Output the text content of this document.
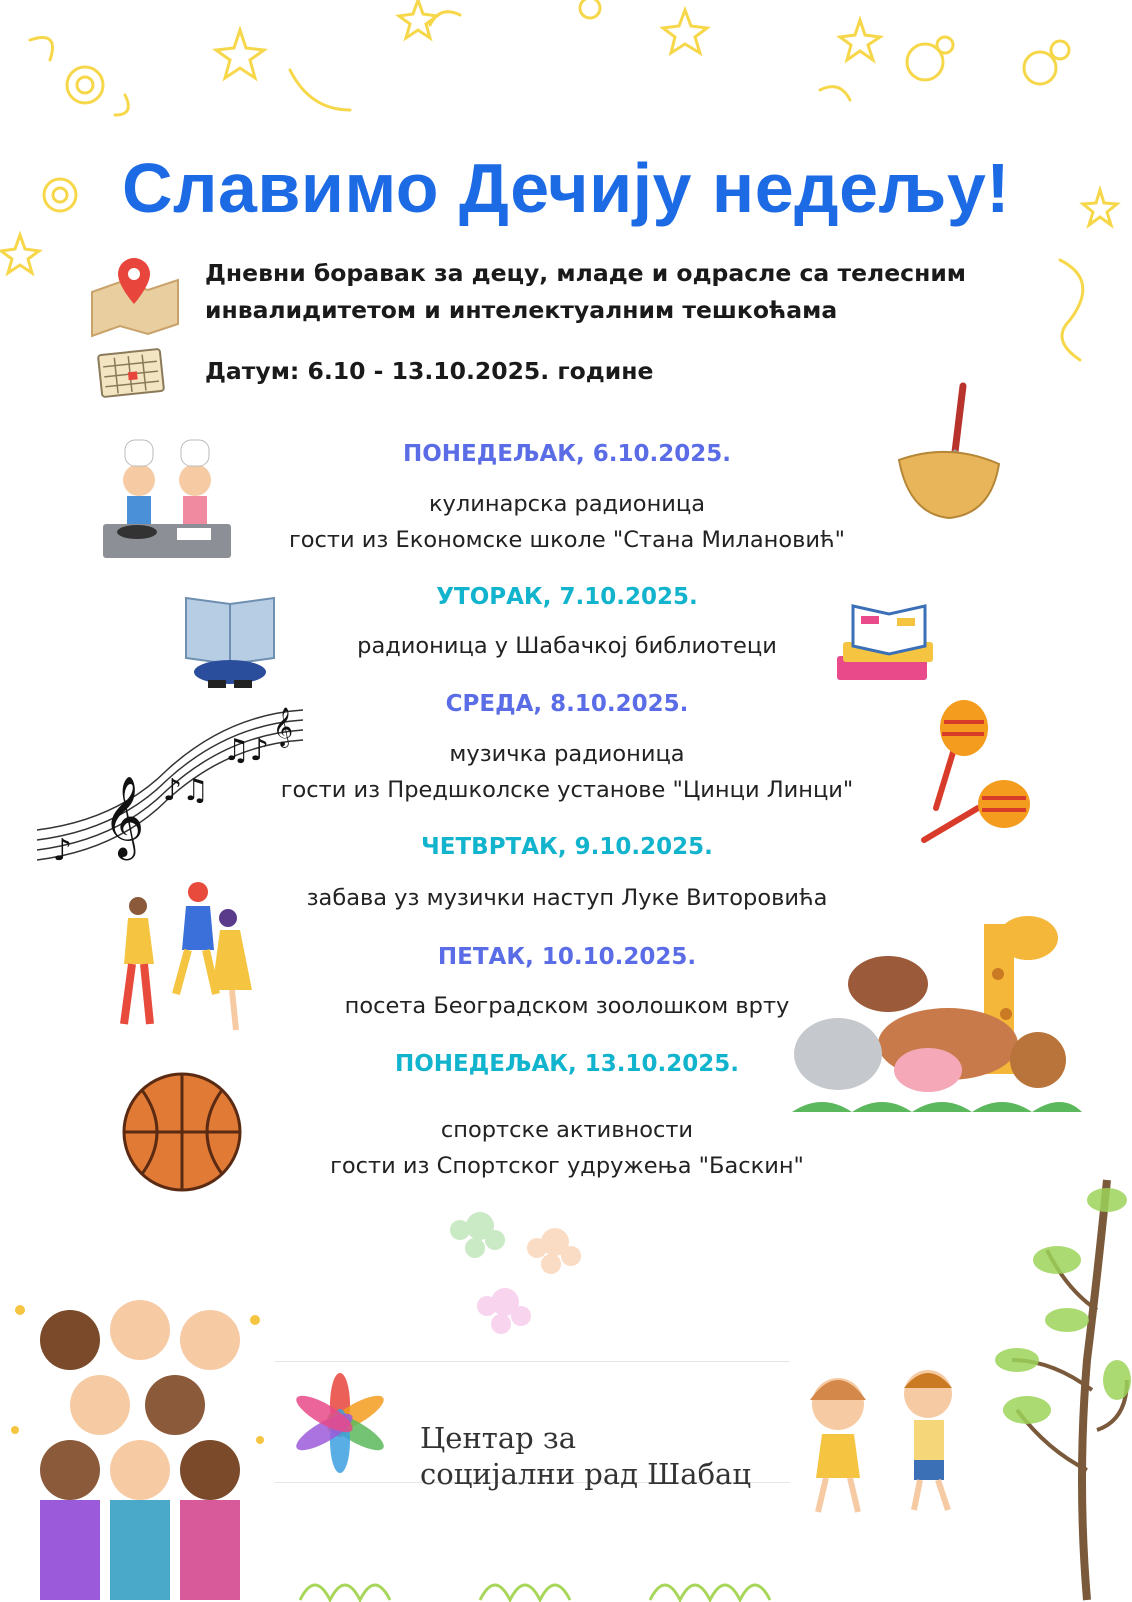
Славимо Дечију недељу!
Дневни боравак за децу, младе и одрасле са телесним
инвалидитетом и интелектуалним тешкоћама
Датум: 6.10 - 13.10.2025. године
ПОНЕДЕЉАК, 6.10.2025.
кулинарска радионица
гости из Економске школе "Стана Милановић"
УТОРАК, 7.10.2025.
радионица у Шабачкој библиотеци
СРЕДА, 8.10.2025.
музичка радионица
гости из Предшколске установе "Цинци Линци"
ЧЕТВРТАК, 9.10.2025.
забава уз музички наступ Луке Виторовића
ПЕТАК, 10.10.2025.
посета Београдском зоолошком врту
ПОНЕДЕЉАК, 13.10.2025.
спортске активности
гости из Спортског удружења "Баскин"
𝄞 ♪♫
♫♪
♪
𝄞
Центар за
социјални рад Шабац
